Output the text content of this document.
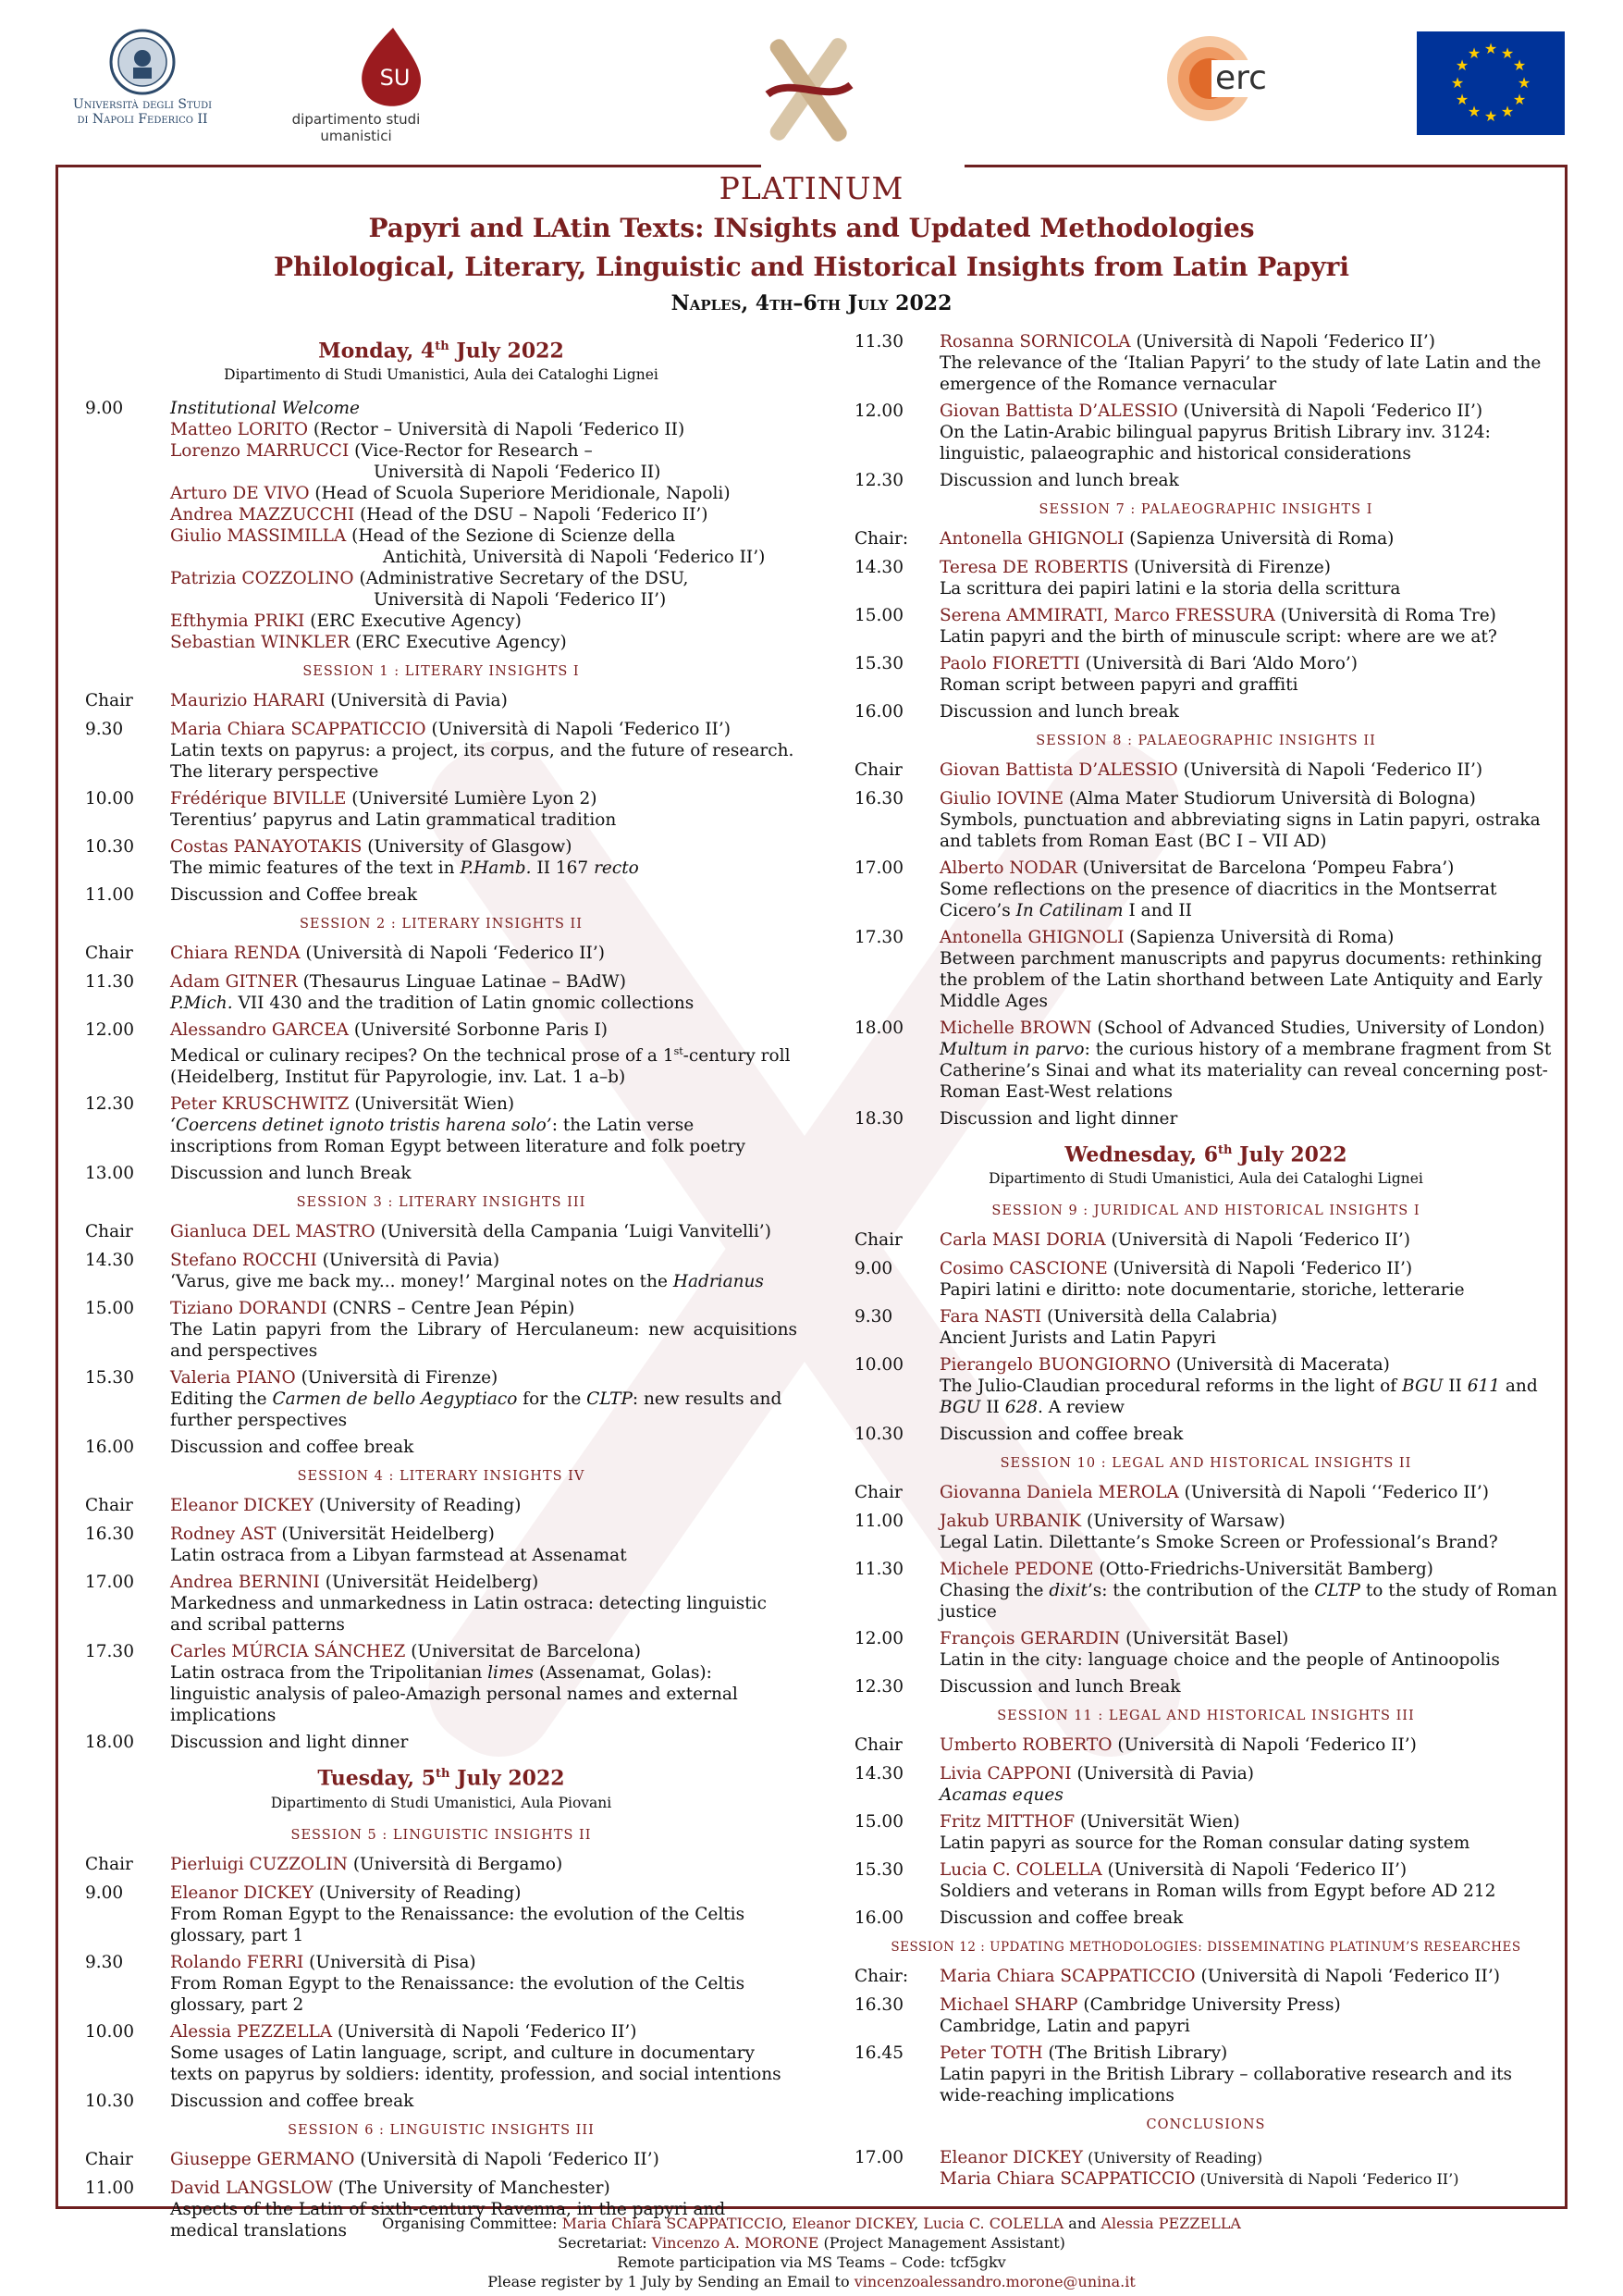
Università degli Studi
di Napoli Federico II
SU
dipartimento studi umanistici
erc
★ ★
★
★
★
★
★
★
★
★
★
★
PLATINUM
Papyri and LAtin Texts: INsights and Updated Methodologies
Philological, Literary, Linguistic and Historical Insights from Latin Papyri
Naples, 4th–6th July 2022
Monday, 4th July 2022
Dipartimento di Studi Umanistici, Aula dei Cataloghi Lignei
9.00	Institutional Welcome
Matteo LORITO (Rector – Università di Napoli ‘Federico II)
Lorenzo MARRUCCI (Vice-Rector for Research –
Università di Napoli ‘Federico II)
Arturo DE VIVO (Head of Scuola Superiore Meridionale, Napoli)
Andrea MAZZUCCHI (Head of the DSU – Napoli ‘Federico II’)
Giulio MASSIMILLA (Head of the Sezione di Scienze della
Antichità, Università di Napoli ‘Federico II’)
Patrizia COZZOLINO (Administrative Secretary of the DSU,
Università di Napoli ‘Federico II’)
Efthymia PRIKI (ERC Executive Agency)
Sebastian WINKLER (ERC Executive Agency)
SESSION 1 : LITERARY INSIGHTS I
Chair	Maurizio HARARI (Università di Pavia)
9.30	Maria Chiara SCAPPATICCIO (Università di Napoli ‘Federico II’)
Latin texts on papyrus: a project, its corpus, and the future of research. The literary perspective
10.00	Frédérique BIVILLE (Université Lumière Lyon 2)
Terentius’ papyrus and Latin grammatical tradition
10.30	Costas PANAYOTAKIS (University of Glasgow)
The mimic features of the text in P.Hamb. II 167 recto
11.00	Discussion and Coffee break
SESSION 2 : LITERARY INSIGHTS II
Chair	Chiara RENDA (Università di Napoli ‘Federico II’)
11.30	Adam GITNER (Thesaurus Linguae Latinae – BAdW)
P.Mich. VII 430 and the tradition of Latin gnomic collections
12.00	Alessandro GARCEA (Université Sorbonne Paris I)
Medical or culinary recipes? On the technical prose of a 1st-century roll (Heidelberg, Institut für Papyrologie, inv. Lat. 1 a–b)
12.30	Peter KRUSCHWITZ (Universität Wien)
‘Coercens detinet ignoto tristis harena solo’: the Latin verse inscriptions from Roman Egypt between literature and folk poetry
13.00	Discussion and lunch Break
SESSION 3 : LITERARY INSIGHTS III
Chair	Gianluca DEL MASTRO (Università della Campania ‘Luigi Vanvitelli’)
14.30	Stefano ROCCHI (Università di Pavia)
‘Varus, give me back my... money!’ Marginal notes on the Hadrianus
15.00	Tiziano DORANDI (CNRS – Centre Jean Pépin)
The Latin papyri from the Library of Herculaneum: new acquisitions and perspectives
15.30	Valeria PIANO (Università di Firenze)
Editing the Carmen de bello Aegyptiaco for the CLTP: new results and further perspectives
16.00	Discussion and coffee break
SESSION 4 : LITERARY INSIGHTS IV
Chair	Eleanor DICKEY (University of Reading)
16.30	Rodney AST (Universität Heidelberg)
Latin ostraca from a Libyan farmstead at Assenamat
17.00	Andrea BERNINI (Universität Heidelberg)
Markedness and unmarkedness in Latin ostraca: detecting linguistic and scribal patterns
17.30	Carles MÚRCIA SÁNCHEZ (Universitat de Barcelona)
Latin ostraca from the Tripolitanian limes (Assenamat, Golas): linguistic analysis of paleo-Amazigh personal names and external implications
18.00	Discussion and light dinner
Tuesday, 5th July 2022
Dipartimento di Studi Umanistici, Aula Piovani
SESSION 5 : LINGUISTIC INSIGHTS II
Chair	Pierluigi CUZZOLIN (Università di Bergamo)
9.00	Eleanor DICKEY (University of Reading)
From Roman Egypt to the Renaissance: the evolution of the Celtis glossary, part 1
9.30	Rolando FERRI (Università di Pisa)
From Roman Egypt to the Renaissance: the evolution of the Celtis glossary, part 2
10.00	Alessia PEZZELLA (Università di Napoli ‘Federico II’)
Some usages of Latin language, script, and culture in documentary texts on papyrus by soldiers: identity, profession, and social intentions
10.30	Discussion and coffee break
SESSION 6 : LINGUISTIC INSIGHTS III
Chair	Giuseppe GERMANO (Università di Napoli ‘Federico II’)
11.00	David LANGSLOW (The University of Manchester)
Aspects of the Latin of sixth-century Ravenna, in the papyri and medical translations
11.30	Rosanna SORNICOLA (Università di Napoli ‘Federico II’)
The relevance of the ‘Italian Papyri’ to the study of late Latin and the emergence of the Romance vernacular
12.00	Giovan Battista D’ALESSIO (Università di Napoli ‘Federico II’)
On the Latin-Arabic bilingual papyrus British Library inv. 3124: linguistic, palaeographic and historical considerations
12.30	Discussion and lunch break
SESSION 7 : PALAEOGRAPHIC INSIGHTS I
Chair:	Antonella GHIGNOLI (Sapienza Università di Roma)
14.30	Teresa DE ROBERTIS (Università di Firenze)
La scrittura dei papiri latini e la storia della scrittura
15.00	Serena AMMIRATI, Marco FRESSURA (Università di Roma Tre)
Latin papyri and the birth of minuscule script: where are we at?
15.30	Paolo FIORETTI (Università di Bari ‘Aldo Moro’)
Roman script between papyri and graffiti
16.00	Discussion and lunch break
SESSION 8 : PALAEOGRAPHIC INSIGHTS II
Chair	Giovan Battista D’ALESSIO (Università di Napoli ‘Federico II’)
16.30	Giulio IOVINE (Alma Mater Studiorum Università di Bologna)
Symbols, punctuation and abbreviating signs in Latin papyri, ostraka and tablets from Roman East (BC I – VII AD)
17.00	Alberto NODAR (Universitat de Barcelona ‘Pompeu Fabra’)
Some reflections on the presence of diacritics in the Montserrat Cicero’s In Catilinam I and II
17.30	Antonella GHIGNOLI (Sapienza Università di Roma)
Between parchment manuscripts and papyrus documents: rethinking the problem of the Latin shorthand between Late Antiquity and Early Middle Ages
18.00	Michelle BROWN (School of Advanced Studies, University of London)
Multum in parvo: the curious history of a membrane fragment from St Catherine’s Sinai and what its materiality can reveal concerning post-Roman East-West relations
18.30	Discussion and light dinner
Wednesday, 6th July 2022
Dipartimento di Studi Umanistici, Aula dei Cataloghi Lignei
SESSION 9 : JURIDICAL AND HISTORICAL INSIGHTS I
Chair	Carla MASI DORIA (Università di Napoli ‘Federico II’)
9.00	Cosimo CASCIONE (Università di Napoli ‘Federico II’)
Papiri latini e diritto: note documentarie, storiche, letterarie
9.30	Fara NASTI (Università della Calabria)
Ancient Jurists and Latin Papyri
10.00	Pierangelo BUONGIORNO (Università di Macerata)
The Julio-Claudian procedural reforms in the light of BGU II 611 and BGU II 628. A review
10.30	Discussion and coffee break
SESSION 10 : LEGAL AND HISTORICAL INSIGHTS II
Chair	Giovanna Daniela MEROLA (Università di Napoli ‘‘Federico II’)
11.00	Jakub URBANIK (University of Warsaw)
Legal Latin. Dilettante’s Smoke Screen or Professional’s Brand?
11.30	Michele PEDONE (Otto-Friedrichs-Universität Bamberg)
Chasing the dixit’s: the contribution of the CLTP to the study of Roman justice
12.00	François GERARDIN (Universität Basel)
Latin in the city: language choice and the people of Antinoopolis
12.30	Discussion and lunch Break
SESSION 11 : LEGAL AND HISTORICAL INSIGHTS III
Chair	Umberto ROBERTO (Università di Napoli ‘Federico II’)
14.30	Livia CAPPONI (Università di Pavia)
Acamas eques
15.00	Fritz MITTHOF (Universität Wien)
Latin papyri as source for the Roman consular dating system
15.30	Lucia C. COLELLA (Università di Napoli ‘Federico II’)
Soldiers and veterans in Roman wills from Egypt before AD 212
16.00	Discussion and coffee break
SESSION 12 : UPDATING METHODOLOGIES: DISSEMINATING PLATINUM’S RESEARCHES
Chair:	Maria Chiara SCAPPATICCIO (Università di Napoli ‘Federico II’)
16.30	Michael SHARP (Cambridge University Press)
Cambridge, Latin and papyri
16.45	Peter TOTH (The British Library)
Latin papyri in the British Library – collaborative research and its wide-reaching implications
CONCLUSIONS
17.00	Eleanor DICKEY (University of Reading)
Maria Chiara SCAPPATICCIO (Università di Napoli ‘Federico II’)
Organising Committee: Maria Chiara SCAPPATICCIO, Eleanor DICKEY, Lucia C. COLELLA and Alessia PEZZELLA
Secretariat: Vincenzo A. MORONE (Project Management Assistant)
Remote participation via MS Teams – Code: tcf5gkv
Please register by 1 July by Sending an Email to vincenzoalessandro.morone@unina.it
